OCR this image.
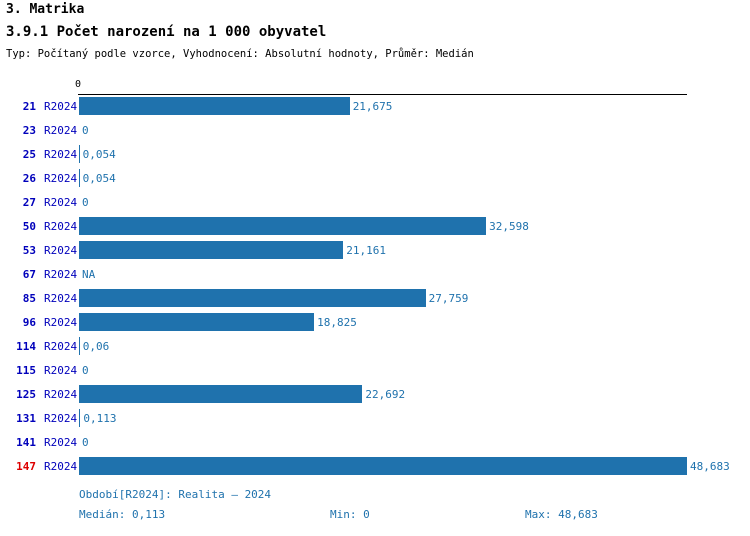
3. Matrika
3.9.1 Počet narození na 1 000 obyvatel
Typ: Počítaný podle vzorce, Vyhodnocení: Absolutní hodnoty, Průměr: Medián
0
21 R2024	21,675
23 R2024 0
25 R2024 0,054
26 R2024 0,054
27 R2024 0
50 R2024	32,598
53 R2024	21,161
67 R2024 NA
85 R2024	27,759
96 R2024	18,825
114 R2024 0,06
115 R2024 0
125 R2024	22,692
131 R2024 0,113
141 R2024 0
147 R2024	48,683
Období[R2024]: Realita – 2024
Medián: 0,113	Min: 0	Max: 48,683
